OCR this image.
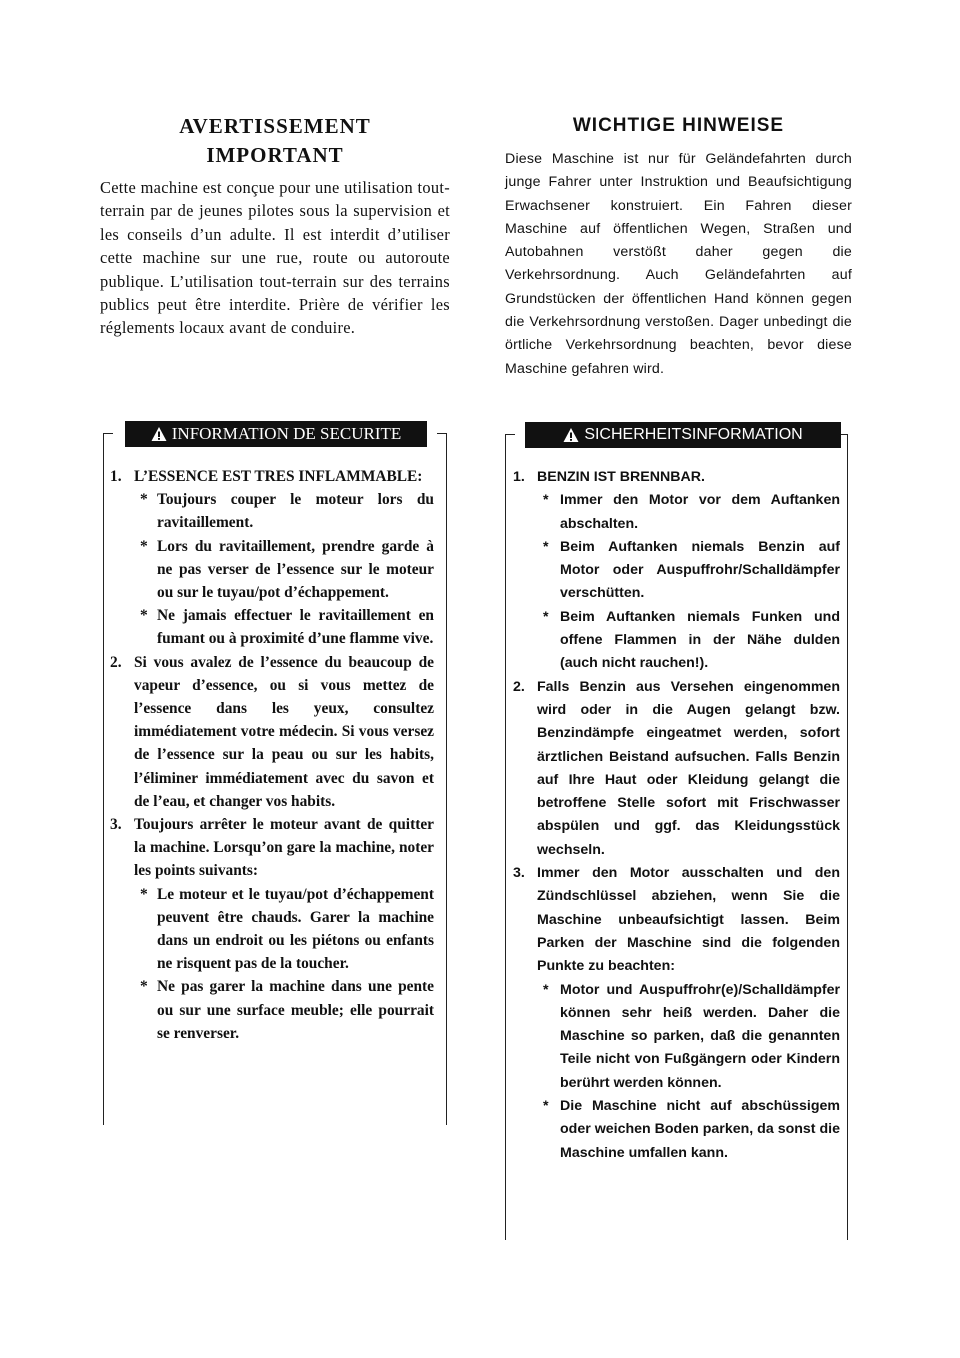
AVERTISSEMENT

IMPORTANT

Cette machine est conçue pour une utilisation tout-terrain par de jeunes pilotes sous la supervision et les conseils d’un adulte. Il est interdit d’utiliser cette machine sur une rue, route ou autoroute publique. L’utilisation tout-terrain sur des terrains publics peut être interdite. Prière de vérifier les réglements locaux avant de conduire.

WICHTIGE HINWEISE

Diese Maschine ist nur für Geländefahrten durch junge Fahrer unter Instruktion und Beaufsichtigung Erwachsener konstruiert. Ein Fahren dieser Maschine auf öffentlichen Wegen, Straßen und Autobahnen verstößt daher gegen die Verkehrsordnung. Auch Geländefahrten auf Grundstücken der öffentlichen Hand können gegen die Verkehrsordnung verstoßen. Dager unbedingt die örtliche Verkehrsordnung beachten, bevor diese Maschine gefahren wird.

INFORMATION DE SECURITE
1. L’ESSENCE EST TRES INFLAMMABLE:
* Toujours couper le moteur lors du ravitaillement.
* Lors du ravitaillement, prendre garde à ne pas verser de l’essence sur le moteur ou sur le tuyau/pot d’échappement.
* Ne jamais effectuer le ravitaillement en fumant ou à proximité d’une flamme vive.
2. Si vous avalez de l’essence du beaucoup de vapeur d’essence, ou si vous mettez de l’essence dans les yeux, consultez immédiatement votre médecin. Si vous versez de l’essence sur la peau ou sur les habits, l’éliminer immédiatement avec du savon et de l’eau, et changer vos habits.
3. Toujours arrêter le moteur avant de quitter la machine. Lorsqu’on gare la machine, noter les points suivants:
* Le moteur et le tuyau/pot d’échappement peuvent être chauds. Garer la machine dans un endroit ou les piétons ou enfants ne risquent pas de la toucher.
* Ne pas garer la machine dans une pente ou sur une surface meuble; elle pourrait se renverser.
SICHERHEITSINFORMATION
1. BENZIN IST BRENNBAR.
* Immer den Motor vor dem Auftanken abschalten.
* Beim Auftanken niemals Benzin auf Motor oder Auspuffrohr/Schalldämpfer verschütten.
* Beim Auftanken niemals Funken und offene Flammen in der Nähe dulden (auch nicht rauchen!).
2. Falls Benzin aus Versehen eingenommen wird oder in die Augen gelangt bzw. Benzindämpfe eingeatmet werden, sofort ärztlichen Beistand aufsuchen. Falls Benzin auf Ihre Haut oder Kleidung gelangt die betroffene Stelle sofort mit Frischwasser abspülen und ggf. das Kleidungsstück wechseln.
3. Immer den Motor ausschalten und den Zündschlüssel abziehen, wenn Sie die Maschine unbeaufsichtigt lassen. Beim Parken der Maschine sind die folgenden Punkte zu beachten:
* Motor und Auspuffrohr(e)/Schalldämpfer können sehr heiß werden. Daher die Maschine so parken, daß die genannten Teile nicht von Fußgängern oder Kindern berührt werden können.
* Die Maschine nicht auf abschüssigem oder weichen Boden parken, da sonst die Maschine umfallen kann.
